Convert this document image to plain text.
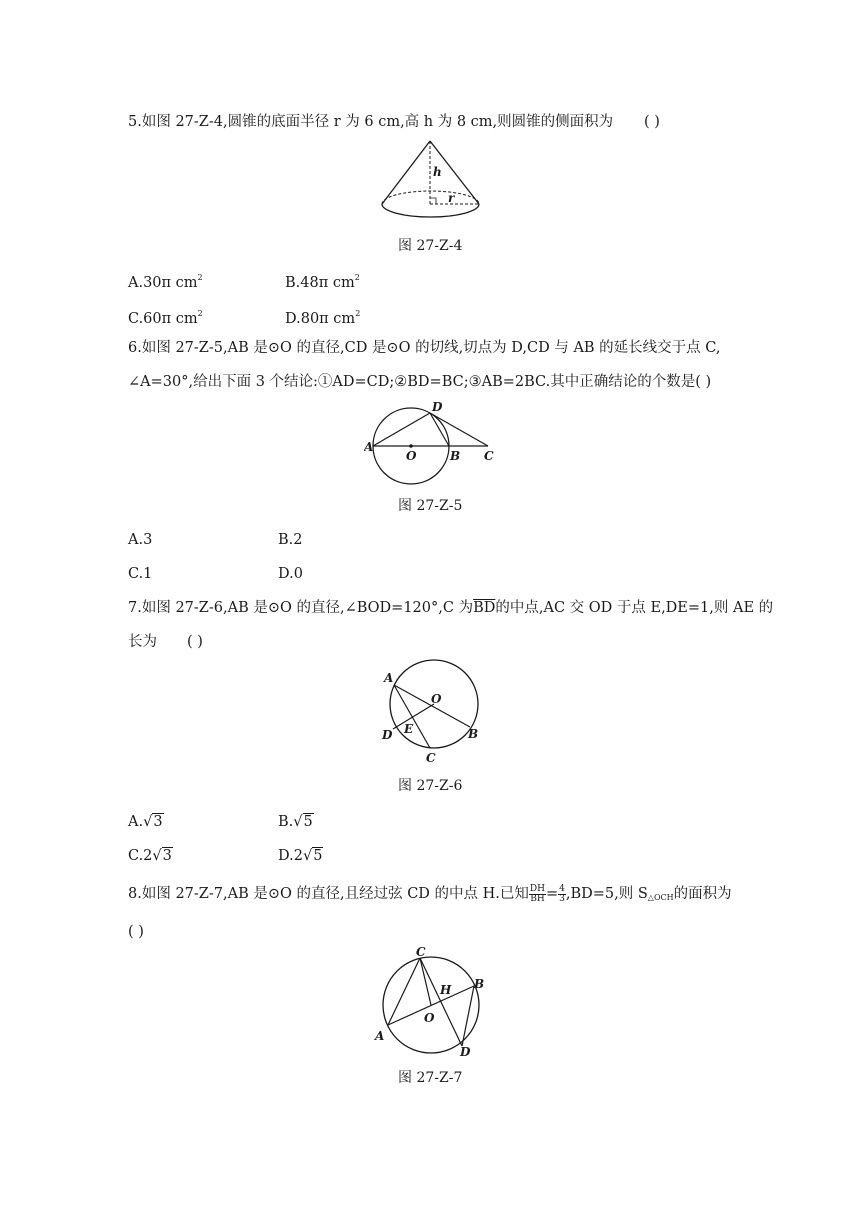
5.如图 27-Z-4,圆锥的底面半径 r 为 6 cm,高 h 为 8 cm,则圆锥的侧面积为 ( )
h
r
图 27-Z-4
A.30π $cm^2$	B.48π $cm^2$
C.60π $cm^2$	D.80π $cm^2$
6.如图 27-Z-5,AB 是⊙O 的直径,CD 是⊙O 的切线,切点为 D,CD 与 AB 的延长线交于点 C,
∠A=30°,给出下面 3 个结论:①AD=CD;②BD=BC;③AB=2BC.其中正确结论的个数是( )
A
O	B C
D
图 27-Z-5
A.3	B.2
C.1	D.0
7.如图 27-Z-6,AB 是⊙O 的直径,∠BOD=120°,C 为$\overline{BD}$的中点,AC 交 OD 于点 E,DE=1,则 AE 的
长为 ( )
A
O
B
C
D E
图 27-Z-6
A.√3	B.√5
C.2√3	D.2√5
8.如图 27-Z-7,AB 是⊙O 的直径,且经过弦 CD 的中点 H.已知 $\frac{DH}{BH} = \frac{4}{3} ,BD=5$,则 $S_{\triangle OCH}$的面积为
( )
C
B
H
O
A
D
图 27-Z-7
